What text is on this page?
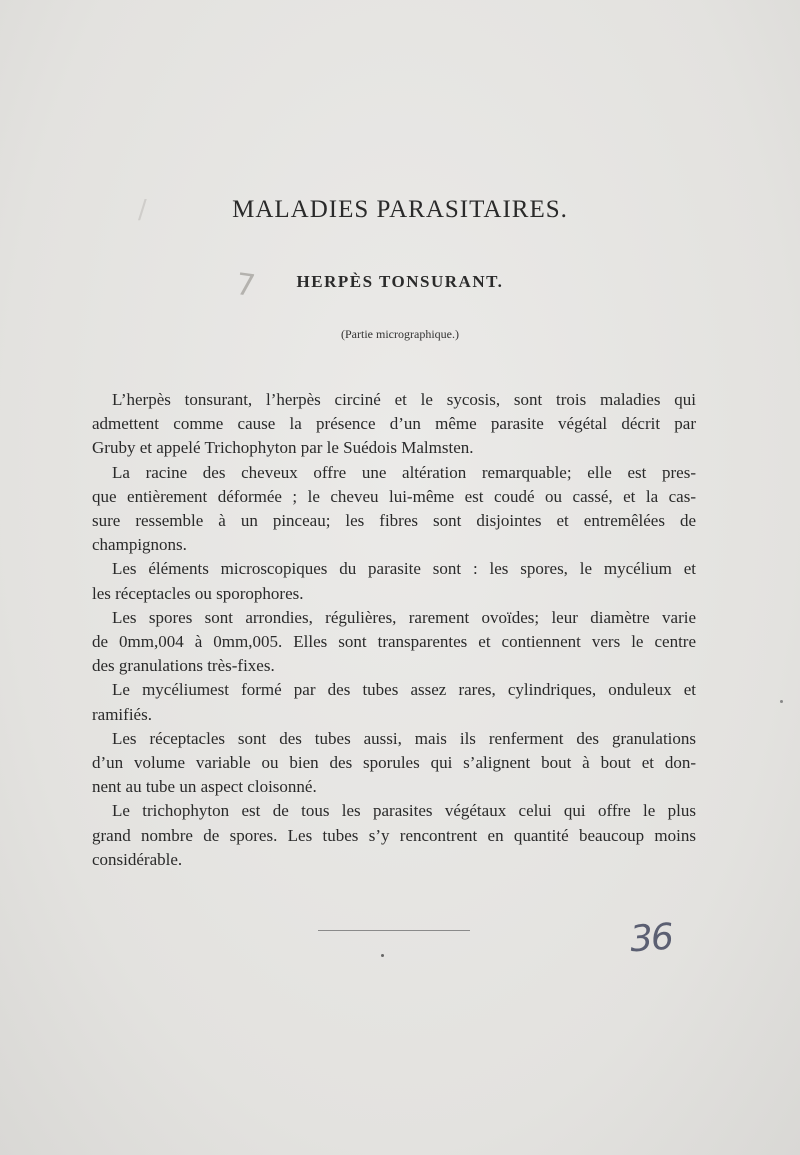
/	MALADIES PARASITAIRES.
7	HERPÈS TONSURANT.
(Partie micrographique.)

L’herpès tonsurant, l’herpès circiné et le sycosis, sont trois maladies qui
admettent comme cause la présence d’un même parasite végétal décrit par
Gruby et appelé Trichophyton par le Suédois Malmsten.

La racine des cheveux offre une altération remarquable; elle est pres-
que entièrement déformée ; le cheveu lui-même est coudé ou cassé, et la cas-
sure ressemble à un pinceau; les fibres sont disjointes et entremêlées de
champignons.

Les éléments microscopiques du parasite sont : les spores, le mycélium et
les réceptacles ou sporophores.

Les spores sont arrondies, régulières, rarement ovoïdes; leur diamètre varie
de 0mm,004 à 0mm,005. Elles sont transparentes et contiennent vers le centre
des granulations très-fixes.

Le mycéliumest formé par des tubes assez rares, cylindriques, onduleux et
ramifiés.

Les réceptacles sont des tubes aussi, mais ils renferment des granulations
d’un volume variable ou bien des sporules qui s’alignent bout à bout et don-
nent au tube un aspect cloisonné.

Le trichophyton est de tous les parasites végétaux celui qui offre le plus
grand nombre de spores. Les tubes s’y rencontrent en quantité beaucoup moins
considérable.

36
